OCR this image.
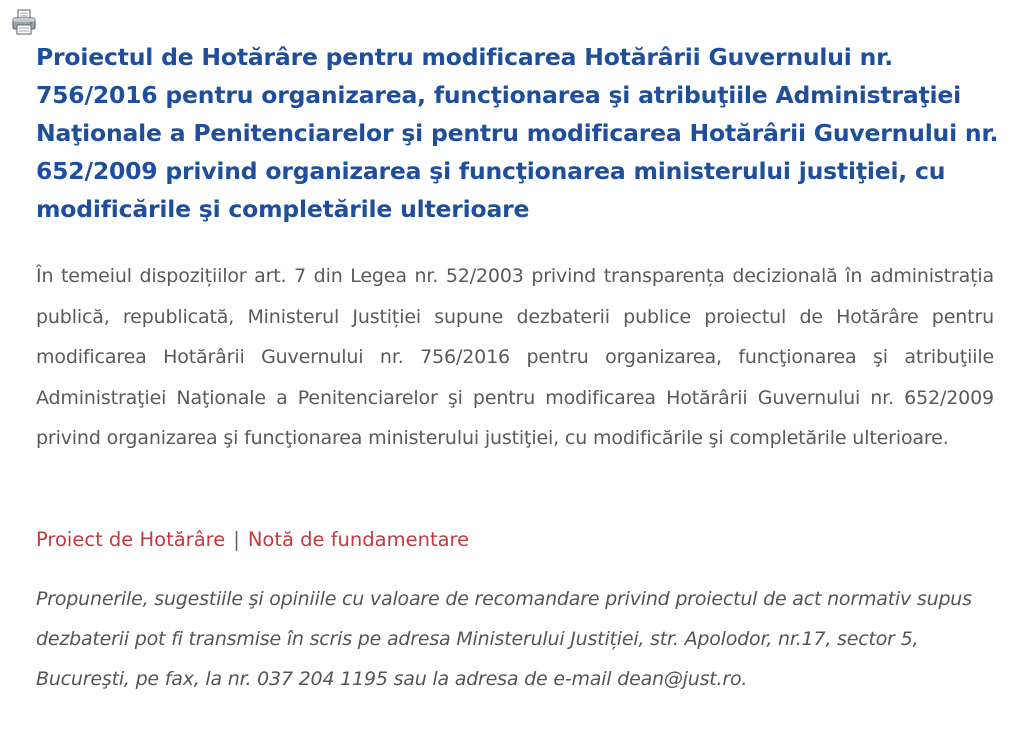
Proiectul de Hotărâre pentru modificarea Hotărârii Guvernului nr. 756/2016 pentru organizarea, funcţionarea şi atribuţiile Administraţiei Naţionale a Penitenciarelor şi pentru modificarea Hotărârii Guvernului nr. 652/2009 privind organizarea şi funcţionarea ministerului justiţiei, cu modificările şi completările ulterioare

În temeiul dispozițiilor art. 7 din Legea nr. 52/2003 privind transparența decizională în administrația publică, republicată, Ministerul Justiției supune dezbaterii publice proiectul de Hotărâre pentru modificarea Hotărârii Guvernului nr. 756/2016 pentru organizarea, funcţionarea şi atribuţiile Administraţiei Naţionale a Penitenciarelor şi pentru modificarea Hotărârii Guvernului nr. 652/2009 privind organizarea şi funcţionarea ministerului justiţiei, cu modificările şi completările ulterioare.

Proiect de Hotărâre | Notă de fundamentare

Propunerile, sugestiile şi opiniile cu valoare de recomandare privind proiectul de act normativ supus dezbaterii pot fi transmise în scris pe adresa Ministerului Justiției, str. Apolodor, nr.17, sector 5, Bucureşti, pe fax, la nr. 037 204 1195 sau la adresa de e-mail dean@just.ro.
